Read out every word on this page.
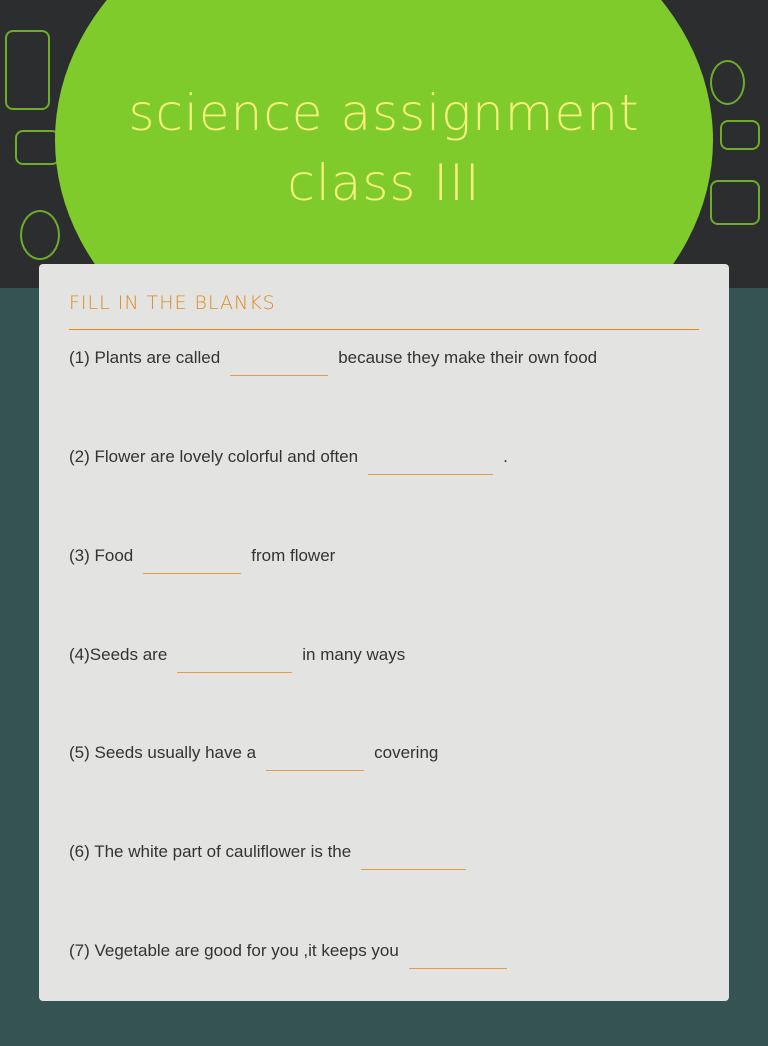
science assignment
class III
FILL IN THE BLANKS
(1) Plants are called	because they make their own food
(2) Flower are lovely colorful and often	.
(3) Food	from flower
(4)Seeds are	in many ways
(5) Seeds usually have a	covering
(6) The white part of cauliflower is the
(7) Vegetable are good for you ,it keeps you
